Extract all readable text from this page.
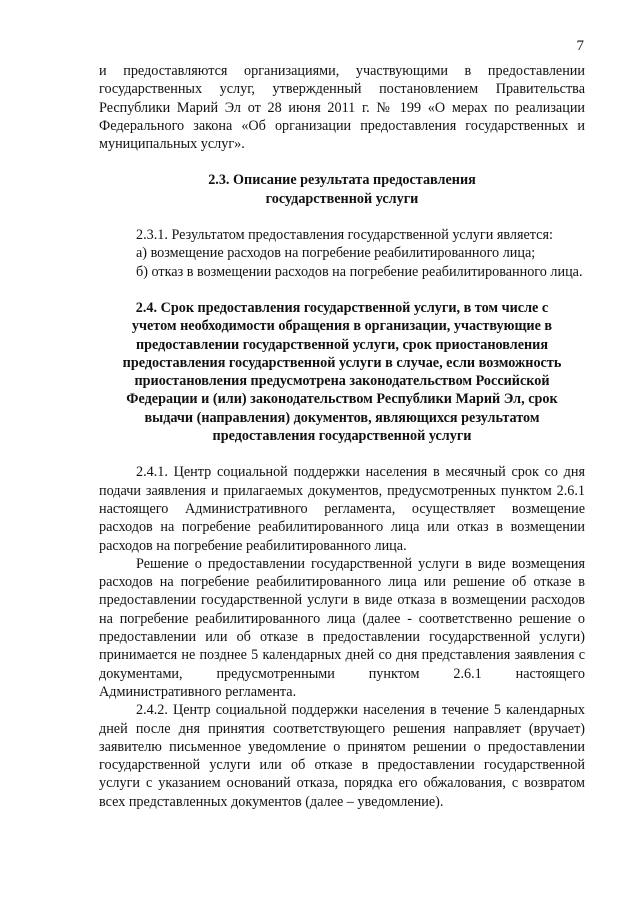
7

и предоставляются организациями, участвующими в предоставлении государственных услуг, утвержденный постановлением Правительства Республики Марий Эл от 28 июня 2011 г. № 199 «О мерах по реализации Федерального закона «Об организации предоставления государственных и муниципальных услуг».

2.3. Описание результата предоставления
государственной услуги

2.3.1. Результатом предоставления государственной услуги является:

а) возмещение расходов на погребение реабилитированного лица;

б) отказ в возмещении расходов на погребение реабилитированного лица.

2.4. Срок предоставления государственной услуги, в том числе с учетом необходимости обращения в организации, участвующие в предоставлении государственной услуги, срок приостановления предоставления государственной услуги в случае, если возможность приостановления предусмотрена законодательством Российской Федерации и (или) законодательством Республики Марий Эл, срок выдачи (направления) документов, являющихся результатом предоставления государственной услуги

2.4.1. Центр социальной поддержки населения в месячный срок со дня подачи заявления и прилагаемых документов, предусмотренных пунктом 2.6.1 настоящего Административного регламента, осуществляет возмещение расходов на погребение реабилитированного лица или отказ в возмещении расходов на погребение реабилитированного лица.

Решение о предоставлении государственной услуги в виде возмещения расходов на погребение реабилитированного лица или решение об отказе в предоставлении государственной услуги в виде отказа в возмещении расходов на погребение реабилитированного лица (далее - соответственно решение о предоставлении или об отказе в предоставлении государственной услуги) принимается не позднее 5 календарных дней со дня представления заявления с документами, предусмотренными пунктом 2.6.1 настоящего Административного регламента.

2.4.2. Центр социальной поддержки населения в течение 5 календарных дней после дня принятия соответствующего решения направляет (вручает) заявителю письменное уведомление о принятом решении о предоставлении государственной услуги или об отказе в предоставлении государственной услуги с указанием оснований отказа, порядка его обжалования, с возвратом всех представленных документов (далее – уведомление).
